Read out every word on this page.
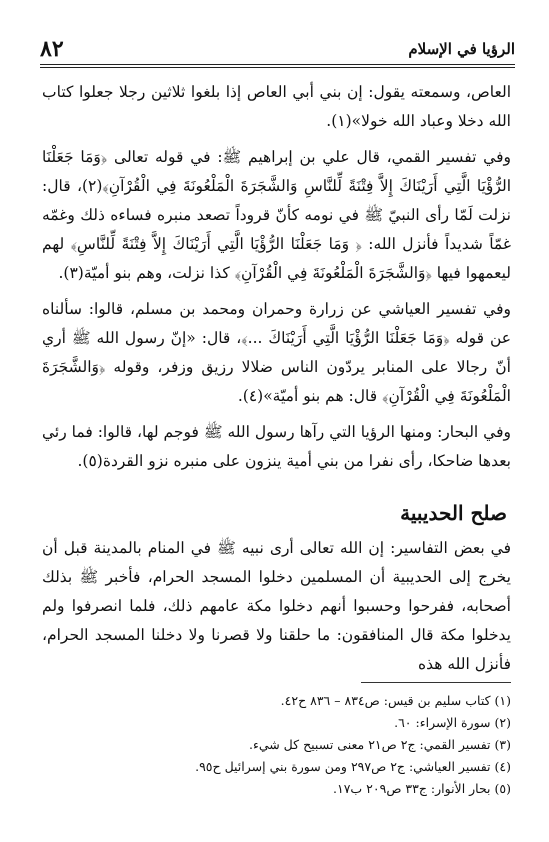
الرؤيا في الإسلام
٨٢

العاص، وسمعته يقول: إن بني أبي العاص إذا بلغوا ثلاثين رجلا جعلوا كتاب الله دخلا وعباد الله خولا»(١).

وفي تفسير القمي، قال علي بن إبراهيم ﷺ: في قوله تعالى ﴿وَمَا جَعَلْنَا الرُّؤْيَا الَّتِي أَرَيْنَاكَ إِلاَّ فِتْنَةً لِّلنَّاسِ وَالشَّجَرَةَ الْمَلْعُونَةَ فِي الْقُرْآنِ﴾(٢)، قال: نزلت لَمّا رأى النبيّ ﷺ في نومه كأنّ قروداً تصعد منبره فساءه ذلك وغمّه غمّاً شديداً فأنزل الله: ﴿ وَمَا جَعَلْنَا الرُّؤْيَا الَّتِي أَرَيْنَاكَ إِلاَّ فِتْنَةً لِّلنَّاسِ﴾ لهم ليعمهوا فيها ﴿وَالشَّجَرَةَ الْمَلْعُونَةَ فِي الْقُرْآنِ﴾ كذا نزلت، وهم بنو أميّة(٣).

وفي تفسير العياشي عن زرارة وحمران ومحمد بن مسلم، قالوا: سألناه عن قوله ﴿وَمَا جَعَلْنَا الرُّؤْيَا الَّتِي أَرَيْنَاكَ ...﴾، قال: «إنّ رسول الله ﷺ أري أنّ رجالا على المنابر يردّون الناس ضلالا رزيق وزفر، وقوله ﴿وَالشَّجَرَةَ الْمَلْعُونَةَ فِي الْقُرْآنِ﴾ قال: هم بنو أميّة»(٤).

وفي البحار: ومنها الرؤيا التي رآها رسول الله ﷺ فوجم لها، قالوا: فما رئي بعدها ضاحكا، رأى نفرا من بني أمية ينزون على منبره نزو القردة(٥).

صلح الحديبية

في بعض التفاسير: إن الله تعالى أرى نبيه ﷺ في المنام بالمدينة قبل أن يخرج إلى الحديبية أن المسلمين دخلوا المسجد الحرام، فأخبر ﷺ بذلك أصحابه، ففرحوا وحسبوا أنهم دخلوا مكة عامهم ذلك، فلما انصرفوا ولم يدخلوا مكة قال المنافقون: ما حلقنا ولا قصرنا ولا دخلنا المسجد الحرام، فأنزل الله هذه

(١) كتاب سليم بن قيس: ص٨٣٤ – ٨٣٦ ح٤٢.

(٢) سورة الإسراء: ٦٠.

(٣) تفسير القمي: ج٢ ص٢١ معنى تسبيح كل شيء.

(٤) تفسير العياشي: ج٢ ص٢٩٧ ومن سورة بني إسرائيل ح٩٥.

(٥) بحار الأنوار: ج٣٣ ص٢٠٩ ب١٧.
